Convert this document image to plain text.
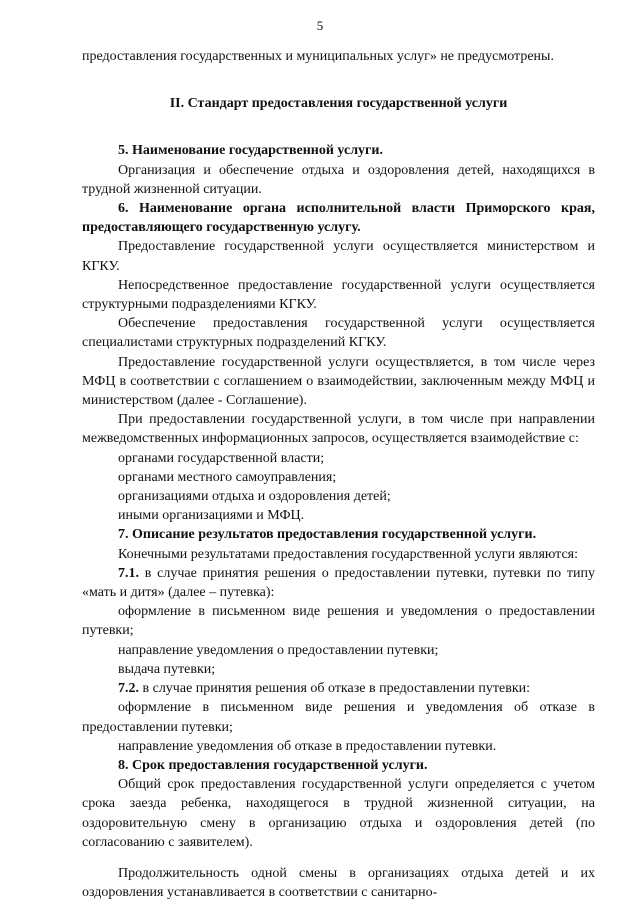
5

предоставления государственных и муниципальных услуг» не предусмотрены.

II. Стандарт предоставления государственной услуги

5. Наименование государственной услуги.

Организация и обеспечение отдыха и оздоровления детей, находящихся в трудной жизненной ситуации.

6. Наименование органа исполнительной власти Приморского края, предоставляющего государственную услугу.

Предоставление государственной услуги осуществляется министерством и КГКУ.

Непосредственное предоставление государственной услуги осуществляется структурными подразделениями КГКУ.

Обеспечение предоставления государственной услуги осуществляется специалистами структурных подразделений КГКУ.

Предоставление государственной услуги осуществляется, в том числе через МФЦ в соответствии с соглашением о взаимодействии, заключенным между МФЦ и министерством (далее - Соглашение).

При предоставлении государственной услуги, в том числе при направлении межведомственных информационных запросов, осуществляется взаимодействие с:

органами государственной власти;

органами местного самоуправления;

организациями отдыха и оздоровления детей;

иными организациями и МФЦ.

7. Описание результатов предоставления государственной услуги.

Конечными результатами предоставления государственной услуги являются:

7.1. в случае принятия решения о предоставлении путевки, путевки по типу «мать и дитя» (далее – путевка):

оформление в письменном виде решения и уведомления о предоставлении путевки;

направление уведомления о предоставлении путевки;

выдача путевки;

7.2. в случае принятия решения об отказе в предоставлении путевки:

оформление в письменном виде решения и уведомления об отказе в предоставлении путевки;

направление уведомления об отказе в предоставлении путевки.

8. Срок предоставления государственной услуги.

Общий срок предоставления государственной услуги определяется с учетом срока заезда ребенка, находящегося в трудной жизненной ситуации, на оздоровительную смену в организацию отдыха и оздоровления детей (по согласованию с заявителем).

Продолжительность одной смены в организациях отдыха детей и их оздоровления устанавливается в соответствии с санитарно-
